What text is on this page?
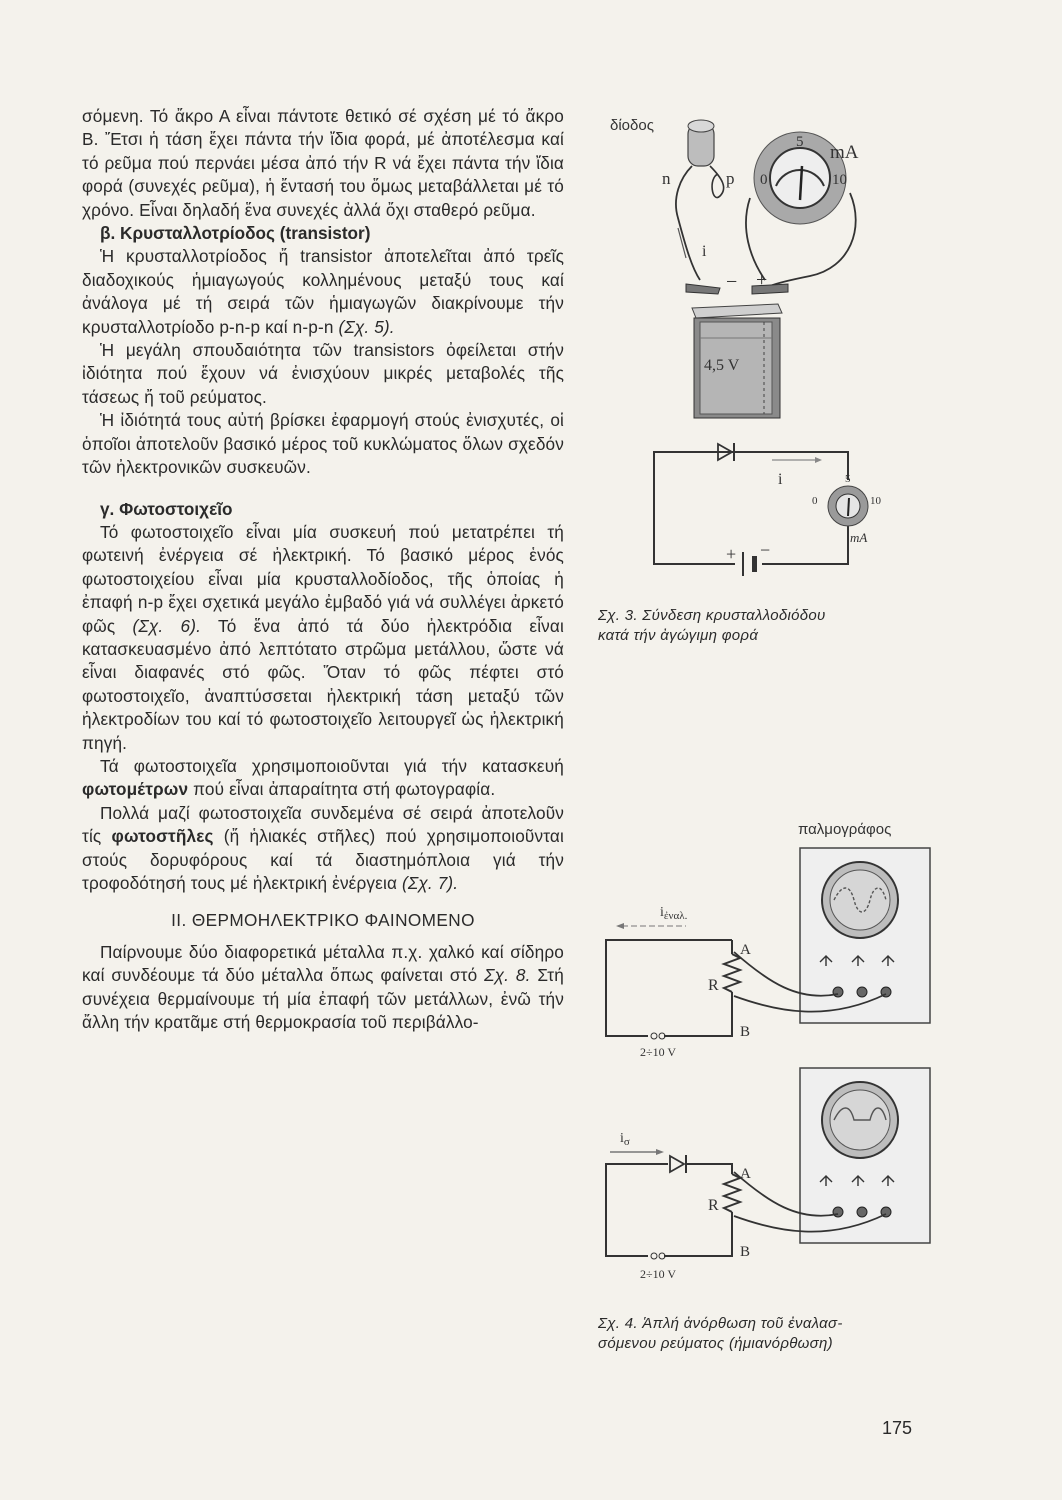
σόμενη. Τό ἄκρο Α εἶναι πάντοτε θετικό σέ σχέση μέ τό ἄκρο Β. Ἔτσι ἡ τάση ἔχει πάντα τήν ἴδια φορά, μέ ἀποτέλεσμα καί τό ρεῦμα πού περνάει μέσα ἀπό τήν R νά ἔχει πάντα τήν ἴδια φορά (συνεχές ρεῦμα), ἡ ἔντασή του ὅμως μεταβάλλεται μέ τό χρόνο. Εἶναι δηλαδή ἕνα συνεχές ἀλλά ὄχι σταθερό ρεῦμα.

β. Κρυσταλλοτρίοδος (transistor)

Ἡ κρυσταλλοτρίοδος ἤ transistor ἀποτελεῖται ἀπό τρεῖς διαδοχικούς ἡμιαγωγούς κολλημένους μεταξύ τους καί ἀνάλογα μέ τή σειρά τῶν ἡμιαγωγῶν διακρίνουμε τήν κρυσταλλοτρίοδο p-n-p καί n-p-n (Σχ. 5).

Ἡ μεγάλη σπουδαιότητα τῶν transistors ὀφείλεται στήν ἰδιότητα πού ἔχουν νά ἐνισχύουν μικρές μεταβολές τῆς τάσεως ἤ τοῦ ρεύματος.

Ἡ ἰδιότητά τους αὐτή βρίσκει ἐφαρμογή στούς ἐνισχυτές, οἱ ὁποῖοι ἀποτελοῦν βασικό μέρος τοῦ κυκλώματος ὅλων σχεδόν τῶν ἠλεκτρονικῶν συσκευῶν.

γ. Φωτοστοιχεῖο

Τό φωτοστοιχεῖο εἶναι μία συσκευή πού μετατρέπει τή φωτεινή ἐνέργεια σέ ἠλεκτρική. Τό βασικό μέρος ἑνός φωτοστοιχείου εἶναι μία κρυσταλλοδίοδος, τῆς ὁποίας ἡ ἐπαφή n-p ἔχει σχετικά μεγάλο ἐμβαδό γιά νά συλλέγει ἀρκετό φῶς (Σχ. 6). Τό ἕνα ἀπό τά δύο ἠλεκτρόδια εἶναι κατασκευασμένο ἀπό λεπτότατο στρῶμα μετάλλου, ὥστε νά εἶναι διαφανές στό φῶς. Ὅταν τό φῶς πέφτει στό φωτοστοιχεῖο, ἀναπτύσσεται ἠλεκτρική τάση μεταξύ τῶν ἠλεκτροδίων του καί τό φωτοστοιχεῖο λειτουργεῖ ὡς ἠλεκτρική πηγή.

Τά φωτοστοιχεῖα χρησιμοποιοῦνται γιά τήν κατασκευή φωτομέτρων πού εἶναι ἀπαραίτητα στή φωτογραφία.

Πολλά μαζί φωτοστοιχεῖα συνδεμένα σέ σειρά ἀποτελοῦν τίς φωτοστῆλες (ἤ ἡλιακές στῆλες) πού χρησιμοποιοῦνται στούς δορυφόρους καί τά διαστημόπλοια γιά τήν τροφοδότησή τους μέ ἠλεκτρική ἐνέργεια (Σχ. 7).

II. ΘΕΡΜΟΗΛΕΚΤΡΙΚΟ ΦΑΙΝΟΜΕΝΟ

Παίρνουμε δύο διαφορετικά μέταλλα π.χ. χαλκό καί σίδηρο καί συνδέουμε τά δύο μέταλλα ὅπως φαίνεται στό Σχ. 8. Στή συνέχεια θερμαίνουμε τή μία ἐπαφή τῶν μετάλλων, ἐνῶ τήν ἄλλη τήν κρατᾶμε στή θερμοκρασία τοῦ περιβάλλο-

δίοδος
n	p
5
0	10
mA
i
− +
4,5 V
i	5
0	10
mA
+ −
Σχ. 3. Σύνδεση κρυσταλλοδιόδου
κατά τήν ἀγώγιμη φορά
παλμογράφος
$i_{ἐ\nu\alpha\lambda.}$
A
R
B
2÷10 V
$i_\sigma$
A
R
B
2÷10 V
Σχ. 4. Ἁπλή ἀνόρθωση τοῦ ἐναλασ-
σόμενου ρεύματος (ἡμιανόρθωση)
175
